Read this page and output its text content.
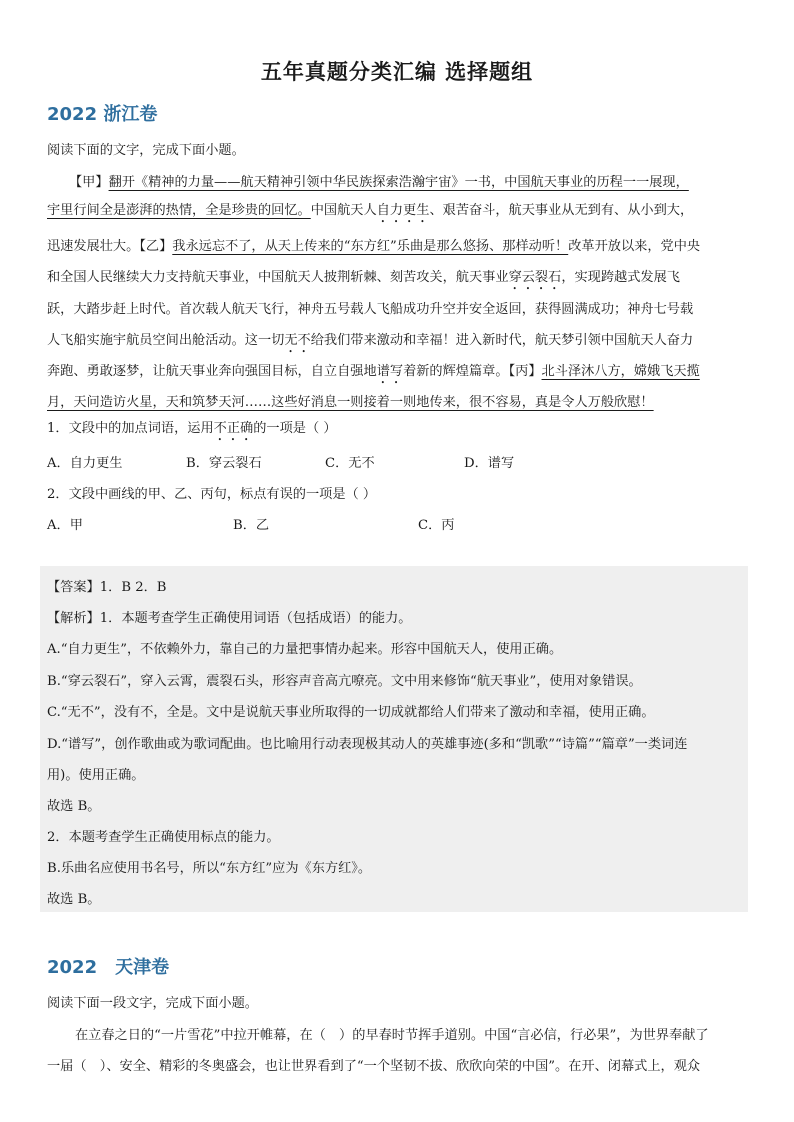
五年真题分类汇编 选择题组
2022 浙江卷
阅读下面的文字，完成下面小题。
【甲】翻开《精神的力量——航天精神引领中华民族探索浩瀚宇宙》一书，中国航天事业的历程一一展现，
宇里行间全是澎湃的热情，全是珍贵的回忆。中国航天人自力更生、艰苦奋斗，航天事业从无到有、从小到大，
迅速发展壮大。【乙】我永远忘不了，从天上传来的“东方红”乐曲是那么悠扬、那样动听！改革开放以来，党中央
和全国人民继续大力支持航天事业，中国航天人披荆斩棘、刻苦攻关，航天事业穿云裂石，实现跨越式发展飞
跃，大踏步赶上时代。首次载人航天飞行，神舟五号载人飞船成功升空并安全返回，获得圆满成功；神舟七号载
人飞船实施宇航员空间出舱活动。这一切无不给我们带来激动和幸福！进入新时代，航天梦引领中国航天人奋力
奔跑、勇敢逐梦，让航天事业奔向强国目标，自立自强地谱写着新的辉煌篇章。【丙】北斗泽沐八方，嫦娥飞天揽
月，天问造访火星，天和筑梦天河……这些好消息一则接着一则地传来，很不容易，真是令人万般欣慰！
1．文段中的加点词语，运用不正确的一项是（ ）
A．自力更生	B．穿云裂石	C．无不	D．谱写
2．文段中画线的甲、乙、丙句，标点有误的一项是（ ）
A．甲	B．乙	C．丙
【答案】1．B 2．B
【解析】1．本题考查学生正确使用词语（包括成语）的能力。
A.“自力更生”，不依赖外力，靠自己的力量把事情办起来。形容中国航天人，使用正确。
B.“穿云裂石”，穿入云霄，震裂石头，形容声音高亢嘹亮。文中用来修饰“航天事业”，使用对象错误。
C.“无不”，没有不，全是。文中是说航天事业所取得的一切成就都给人们带来了激动和幸福，使用正确。
D.“谱写”，创作歌曲或为歌词配曲。也比喻用行动表现极其动人的英雄事迹(多和“凯歌”“诗篇”“篇章”一类词连
用)。使用正确。
故选 B。
2．本题考查学生正确使用标点的能力。
B.乐曲名应使用书名号，所以“东方红”应为《东方红》。
故选 B。
2022　天津卷
阅读下面一段文字，完成下面小题。
在立春之日的“一片雪花”中拉开帷幕，在（　）的早春时节挥手道别。中国“言必信，行必果”，为世界奉献了
一届（　）、安全、精彩的冬奥盛会，也让世界看到了“一个坚韧不拔、欣欣向荣的中国”。在开、闭幕式上，观众
